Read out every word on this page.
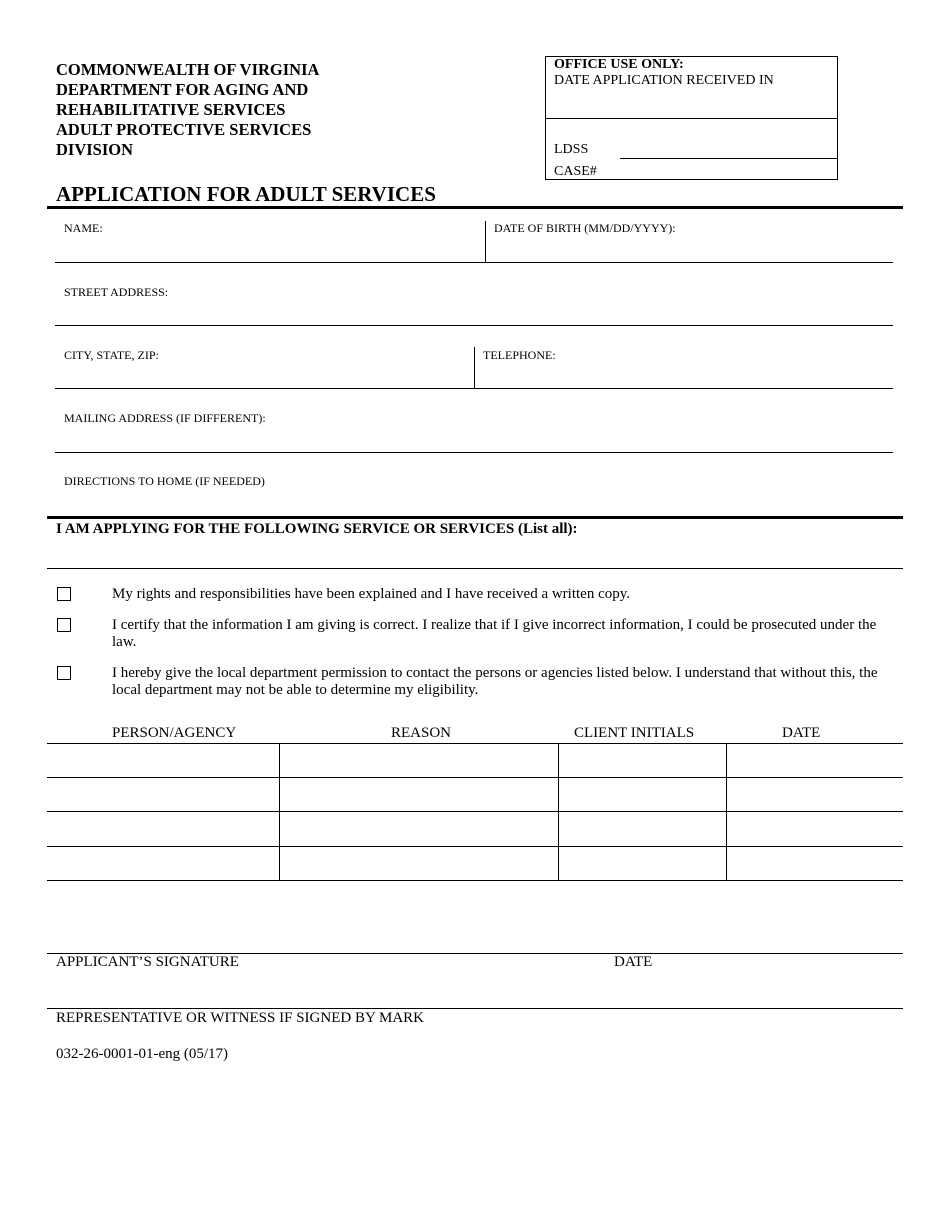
COMMONWEALTH OF VIRGINIA
DEPARTMENT FOR AGING AND
REHABILITATIVE SERVICES
ADULT PROTECTIVE SERVICES
DIVISION
OFFICE USE ONLY:
DATE APPLICATION RECEIVED IN
LDSS
CASE#
APPLICATION FOR ADULT SERVICES
NAME:	DATE OF BIRTH (MM/DD/YYYY):
STREET ADDRESS:
CITY, STATE, ZIP:	TELEPHONE:
MAILING ADDRESS (IF DIFFERENT):
DIRECTIONS TO HOME (IF NEEDED)
I AM APPLYING FOR THE FOLLOWING SERVICE OR SERVICES (List all):
My rights and responsibilities have been explained and I have received a written copy.
I certify that the information I am giving is correct. I realize that if I give incorrect information, I could be prosecuted under the law.
I hereby give the local department permission to contact the persons or agencies listed below. I understand that without this, the local department may not be able to determine my eligibility.
PERSON/AGENCY	REASON	CLIENT INITIALS	DATE
APPLICANT’S SIGNATURE	DATE
REPRESENTATIVE OR WITNESS IF SIGNED BY MARK
032-26-0001-01-eng (05/17)
